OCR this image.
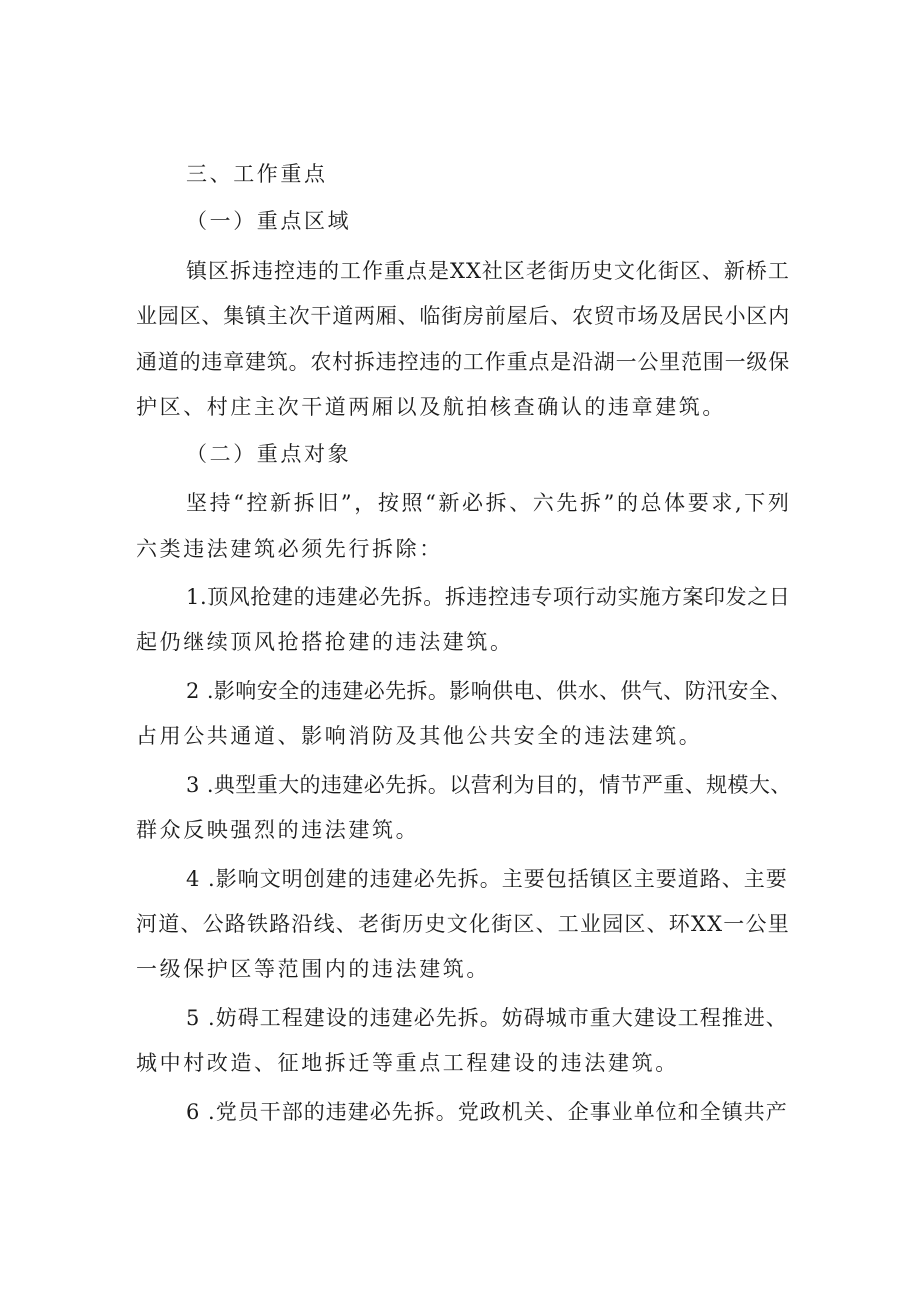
三、工作重点
（一）重点区域
镇区拆违控违的工作重点是XX社区老街历史文化街区、新桥工
业园区、集镇主次干道两厢、临街房前屋后、农贸市场及居民小区内
通道的违章建筑。农村拆违控违的工作重点是沿湖一公里范围一级保
护区、村庄主次干道两厢以及航拍核查确认的违章建筑。
（二）重点对象
坚持“控新拆旧”，按照“新必拆、六先拆”的总体要求,下列
六类违法建筑必须先行拆除：
1.顶风抢建的违建必先拆。拆违控违专项行动实施方案印发之日
起仍继续顶风抢搭抢建的违法建筑。
2 .影响安全的违建必先拆。影响供电、供水、供气、防汛安全、
占用公共通道、影响消防及其他公共安全的违法建筑。
3 .典型重大的违建必先拆。以营利为目的，情节严重、规模大、
群众反映强烈的违法建筑。
4 .影响文明创建的违建必先拆。主要包括镇区主要道路、主要
河道、公路铁路沿线、老街历史文化街区、工业园区、环XX一公里
一级保护区等范围内的违法建筑。
5 .妨碍工程建设的违建必先拆。妨碍城市重大建设工程推进、
城中村改造、征地拆迁等重点工程建设的违法建筑。
6 .党员干部的违建必先拆。党政机关、企事业单位和全镇共产
